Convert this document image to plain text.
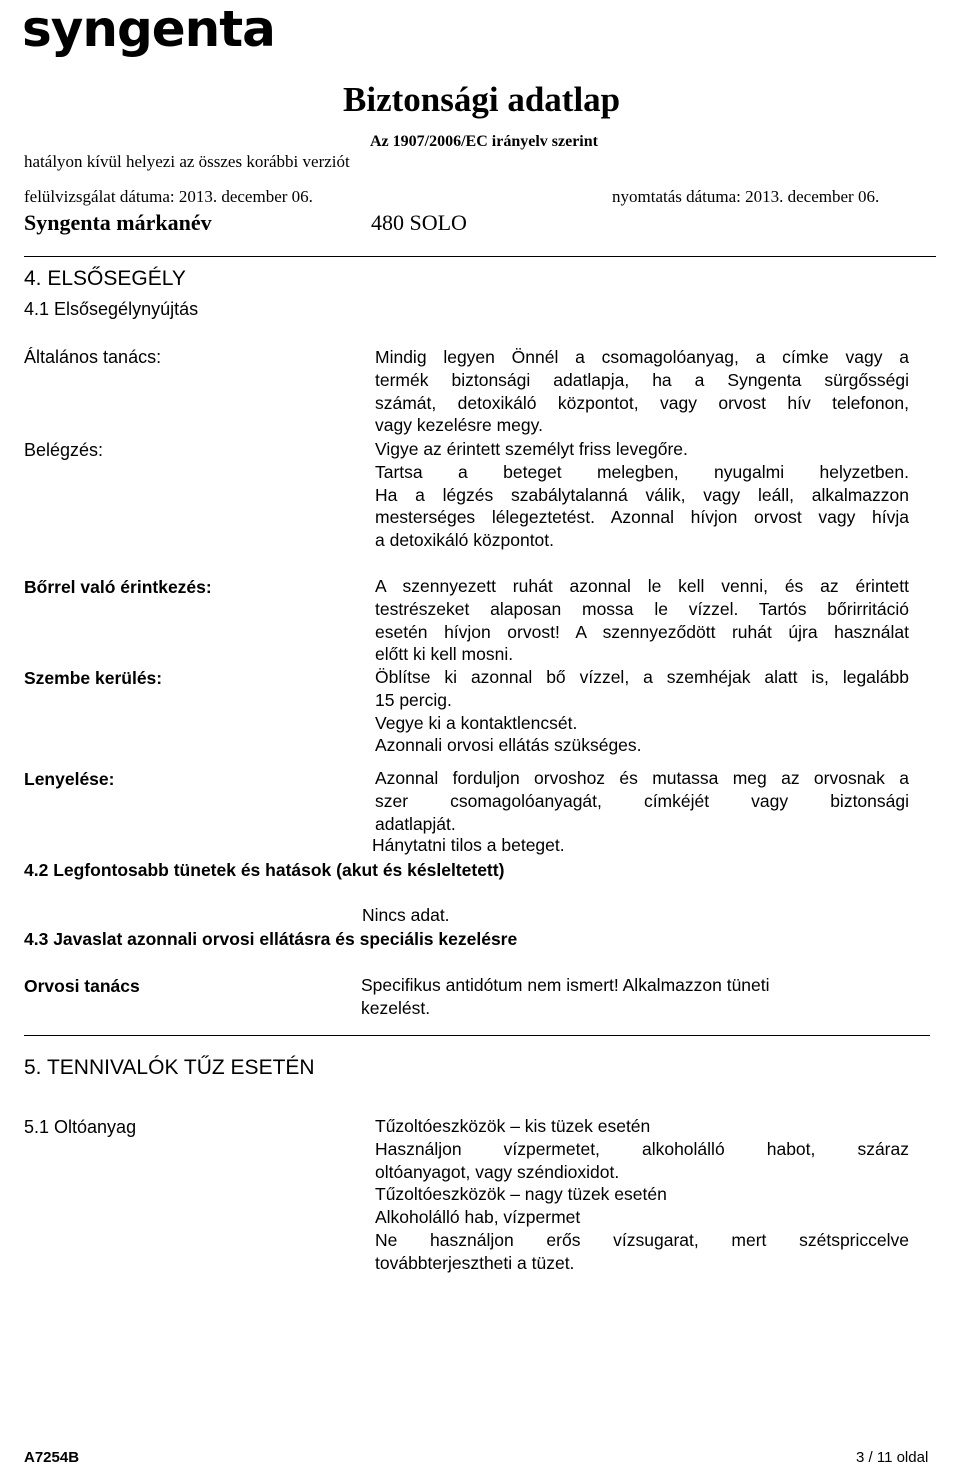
syngenta
Biztonsági adatlap
Az 1907/2006/EC irányelv szerint
hatályon kívül helyezi az összes korábbi verziót
felülvizsgálat dátuma: 2013. december 06.	nyomtatás dátuma: 2013. december 06.
Syngenta márkanév	480 SOLO
4. ELSŐSEGÉLY
4.1 Elsősegélynyújtás
Általános tanács:	Mindig legyen Önnél a csomagolóanyag, a címke vagy a
termék biztonsági adatlapja, ha a Syngenta sürgősségi
számát, detoxikáló központot, vagy orvost hív telefonon,
vagy kezelésre megy.
Belégzés:	Vigye az érintett személyt friss levegőre.
Tartsa a beteget melegben, nyugalmi helyzetben.
Ha a légzés szabálytalanná válik, vagy leáll, alkalmazzon
mesterséges lélegeztetést. Azonnal hívjon orvost vagy hívja
a detoxikáló központot.
Bőrrel való érintkezés:	A szennyezett ruhát azonnal le kell venni, és az érintett
testrészeket alaposan mossa le vízzel. Tartós bőrirritáció
esetén hívjon orvost! A szennyeződött ruhát újra használat
előtt ki kell mosni.
Szembe kerülés:	Öblítse ki azonnal bő vízzel, a szemhéjak alatt is, legalább
15 percig.
Vegye ki a kontaktlencsét.
Azonnali orvosi ellátás szükséges.
Lenyelése:	Azonnal forduljon orvoshoz és mutassa meg az orvosnak a
szer csomagolóanyagát, címkéjét vagy biztonsági
adatlapját.
Hánytatni tilos a beteget.
4.2 Legfontosabb tünetek és hatások (akut és késleltetett)
Nincs adat.
4.3 Javaslat azonnali orvosi ellátásra és speciális kezelésre
Orvosi tanács	Specifikus antidótum nem ismert! Alkalmazzon tüneti
kezelést.
5. TENNIVALÓK TŰZ ESETÉN
5.1 Oltóanyag	Tűzoltóeszközök – kis tüzek esetén
Használjon vízpermetet, alkoholálló habot, száraz
oltóanyagot, vagy széndioxidot.
Tűzoltóeszközök – nagy tüzek esetén
Alkoholálló hab, vízpermet
Ne használjon erős vízsugarat, mert szétspriccelve
továbbterjesztheti a tüzet.
A7254B	3 / 11 oldal
